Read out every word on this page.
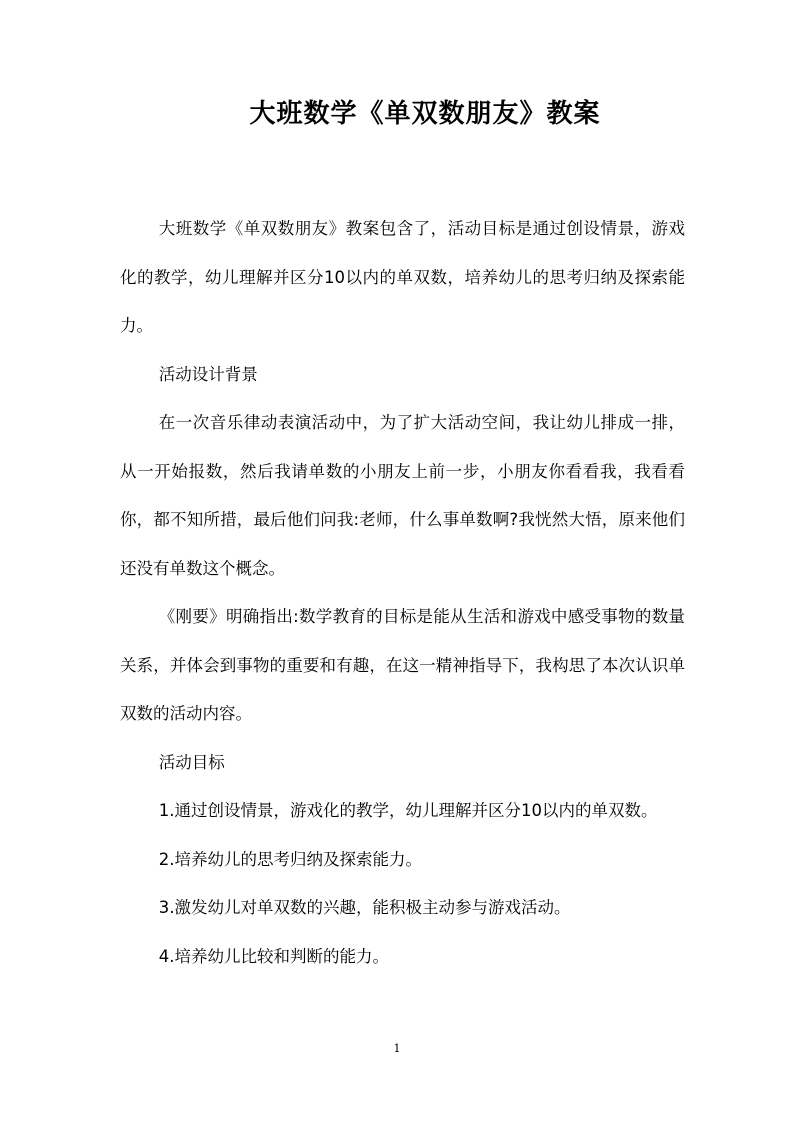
大班数学《单双数朋友》教案

大班数学《单双数朋友》教案包含了，活动目标是通过创设情景，游戏化的教学，幼儿理解并区分10以内的单双数，培养幼儿的思考归纳及探索能力。

活动设计背景

在一次音乐律动表演活动中，为了扩大活动空间，我让幼儿排成一排，从一开始报数，然后我请单数的小朋友上前一步，小朋友你看看我，我看看你，都不知所措，最后他们问我:老师，什么事单数啊?我恍然大悟，原来他们还没有单数这个概念。

《刚要》明确指出:数学教育的目标是能从生活和游戏中感受事物的数量关系，并体会到事物的重要和有趣，在这一精神指导下，我构思了本次认识单双数的活动内容。

活动目标

1.通过创设情景，游戏化的教学，幼儿理解并区分10以内的单双数。

2.培养幼儿的思考归纳及探索能力。

3.激发幼儿对单双数的兴趣，能积极主动参与游戏活动。

4.培养幼儿比较和判断的能力。

1
